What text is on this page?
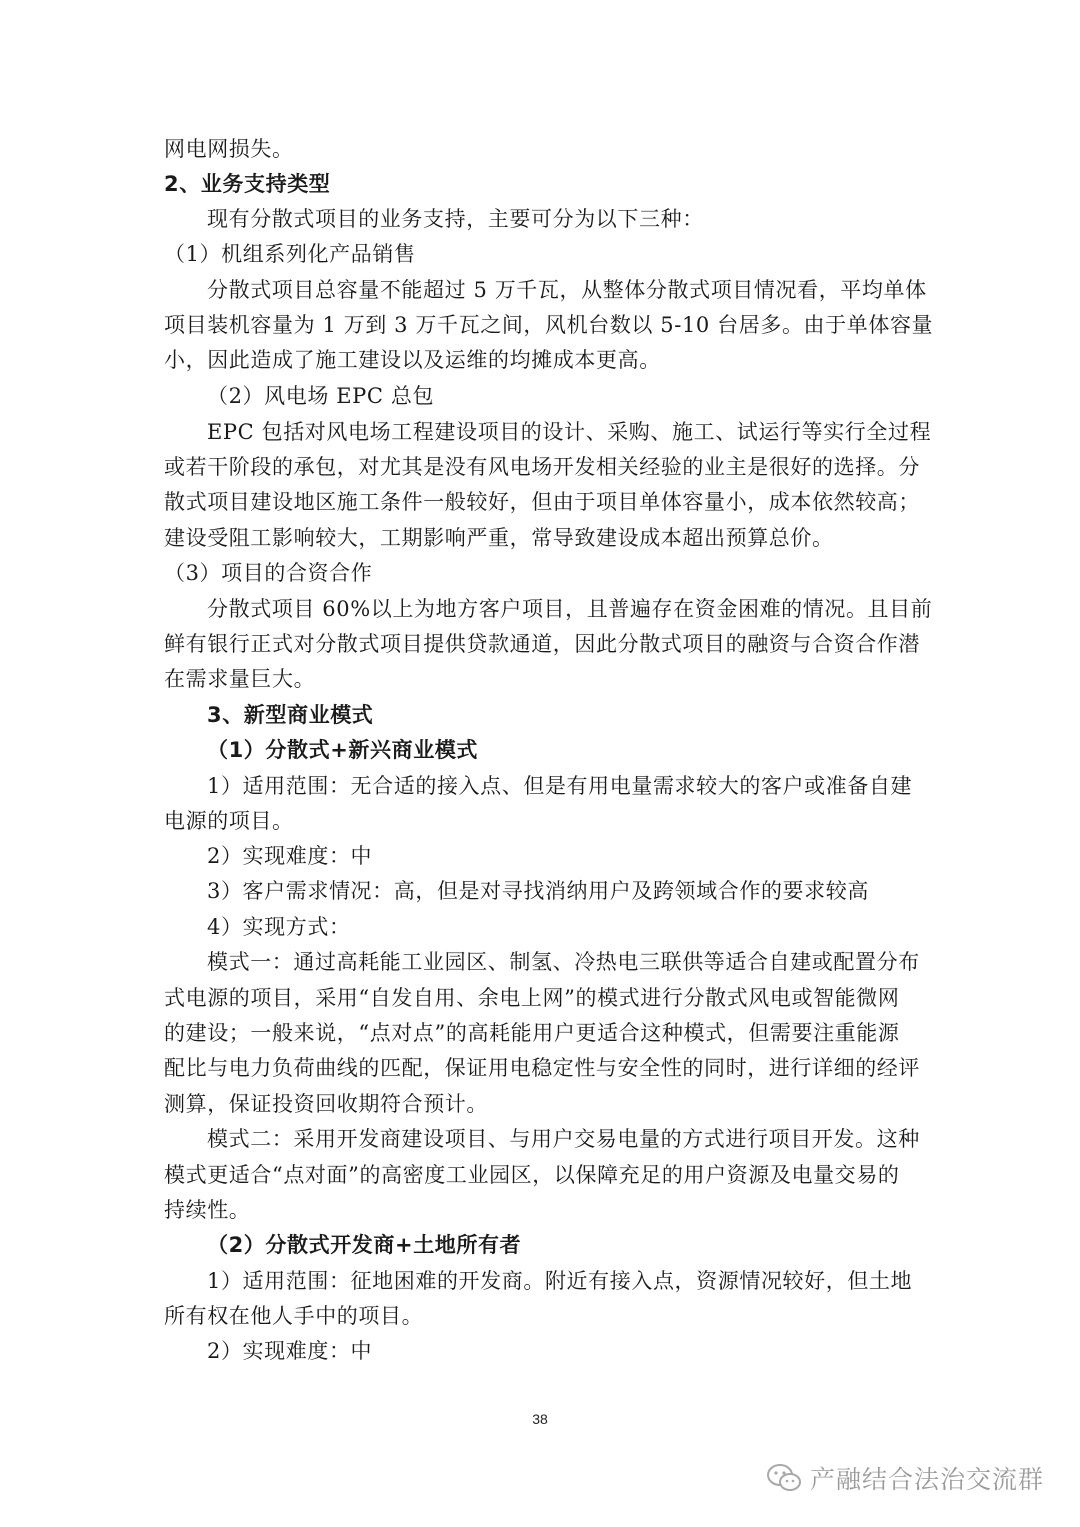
网电网损失。
2、业务支持类型
现有分散式项目的业务支持，主要可分为以下三种：
（1）机组系列化产品销售
分散式项目总容量不能超过 5 万千瓦，从整体分散式项目情况看，平均单体
项目装机容量为 1 万到 3 万千瓦之间，风机台数以 5-10 台居多。由于单体容量
小，因此造成了施工建设以及运维的均摊成本更高。
（2）风电场 EPC 总包
EPC 包括对风电场工程建设项目的设计、采购、施工、试运行等实行全过程
或若干阶段的承包，对尤其是没有风电场开发相关经验的业主是很好的选择。分
散式项目建设地区施工条件一般较好，但由于项目单体容量小，成本依然较高；
建设受阻工影响较大，工期影响严重，常导致建设成本超出预算总价。
（3）项目的合资合作
分散式项目 60%以上为地方客户项目，且普遍存在资金困难的情况。且目前
鲜有银行正式对分散式项目提供贷款通道，因此分散式项目的融资与合资合作潜
在需求量巨大。
3、新型商业模式
（1）分散式+新兴商业模式
1）适用范围：无合适的接入点、但是有用电量需求较大的客户或准备自建
电源的项目。
2）实现难度：中
3）客户需求情况：高，但是对寻找消纳用户及跨领域合作的要求较高
4）实现方式：
模式一：通过高耗能工业园区、制氢、冷热电三联供等适合自建或配置分布
式电源的项目，采用“自发自用、余电上网”的模式进行分散式风电或智能微网
的建设；一般来说，“点对点”的高耗能用户更适合这种模式，但需要注重能源
配比与电力负荷曲线的匹配，保证用电稳定性与安全性的同时，进行详细的经评
测算，保证投资回收期符合预计。
模式二：采用开发商建设项目、与用户交易电量的方式进行项目开发。这种
模式更适合“点对面”的高密度工业园区，以保障充足的用户资源及电量交易的
持续性。
（2）分散式开发商+土地所有者
1）适用范围：征地困难的开发商。附近有接入点，资源情况较好，但土地
所有权在他人手中的项目。
2）实现难度：中
38
产融结合法治交流群
